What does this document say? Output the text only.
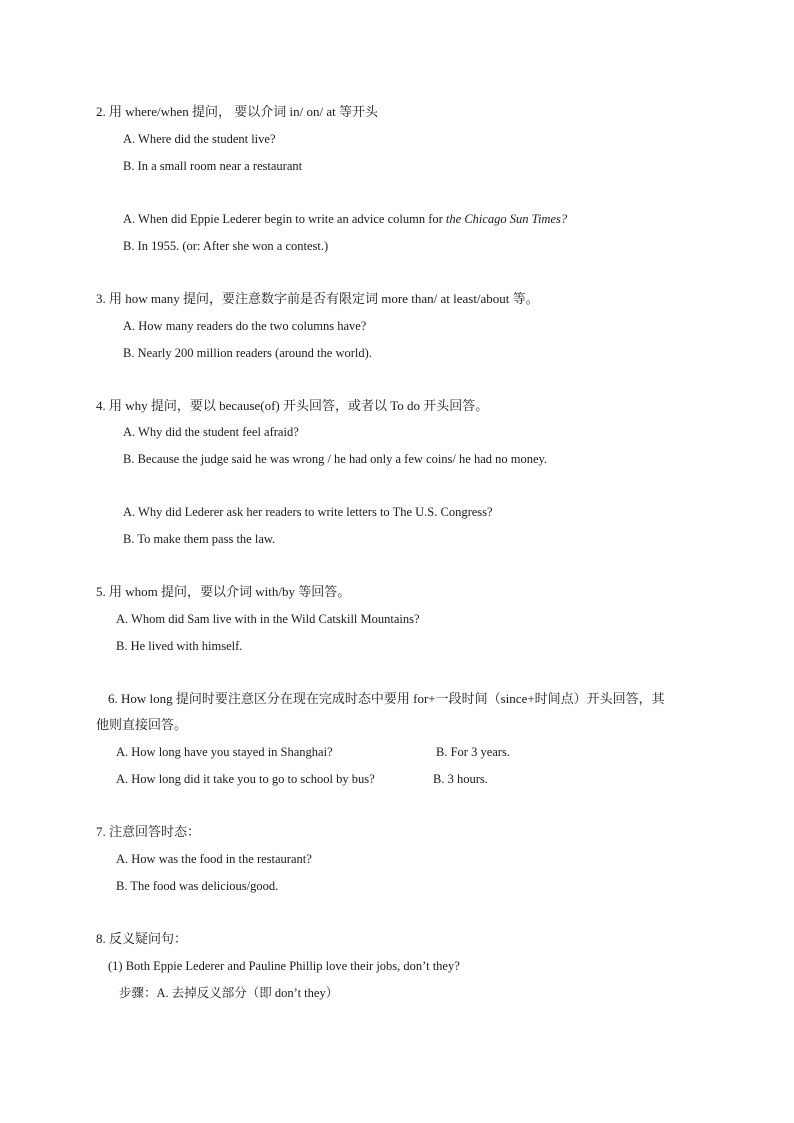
2. 用 where/when 提问， 要以介词 in/ on/ at 等开头
A. Where did the student live?
B. In a small room near a restaurant
A. When did Eppie Lederer begin to write an advice column for the Chicago Sun Times?
B. In 1955. (or: After she won a contest.)
3. 用 how many 提问，要注意数字前是否有限定词 more than/ at least/about 等。
A. How many readers do the two columns have?
B. Nearly 200 million readers (around the world).
4. 用 why 提问，要以 because(of) 开头回答，或者以 To do 开头回答。
A. Why did the student feel afraid?
B. Because the judge said he was wrong / he had only a few coins/ he had no money.
A. Why did Lederer ask her readers to write letters to The U.S. Congress?
B. To make them pass the law.
5. 用 whom 提问，要以介词 with/by 等回答。
A. Whom did Sam live with in the Wild Catskill Mountains?
B. He lived with himself.
6. How long 提问时要注意区分在现在完成时态中要用 for+一段时间（since+时间点）开头回答，其
他则直接回答。
A. How long have you stayed in Shanghai?	B. For 3 years.
A. How long did it take you to go to school by bus?	B. 3 hours.
7. 注意回答时态：
A. How was the food in the restaurant?
B. The food was delicious/good.
8. 反义疑问句：
(1) Both Eppie Lederer and Pauline Phillip love their jobs, don’t they?
步骤：A. 去掉反义部分（即 don’t they）
